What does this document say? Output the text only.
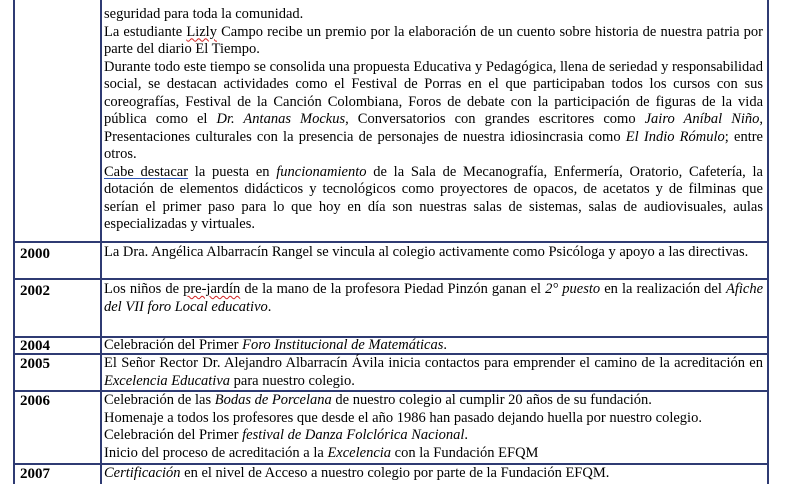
seguridad para toda la comunidad.

La estudiante Lizly Campo recibe un premio por la elaboración de un cuento sobre historia de nuestra patria por parte del diario El Tiempo.

Durante todo este tiempo se consolida una propuesta Educativa y Pedagógica, llena de seriedad y responsabilidad social, se destacan actividades como el Festival de Porras en el que participaban todos los cursos con sus coreografías, Festival de la Canción Colombiana, Foros de debate con la participación de figuras de la vida pública como el Dr. Antanas Mockus, Conversatorios con grandes escritores como Jairo Aníbal Niño, Presentaciones culturales con la presencia de personajes de nuestra idiosincrasia como El Indio Rómulo; entre otros.

Cabe destacar la puesta en funcionamiento de la Sala de Mecanografía, Enfermería, Oratorio, Cafetería, la dotación de elementos didácticos y tecnológicos como proyectores de opacos, de acetatos y de filminas que serían el primer paso para lo que hoy en día son nuestras salas de sistemas, salas de audiovisuales, aulas especializadas y virtuales.

2000	La Dra. Angélica Albarracín Rangel se vincula al colegio activamente como Psicóloga y apoyo a las directivas.

2002	Los niños de pre-jardín de la mano de la profesora Piedad Pinzón ganan el 2° puesto en la realización del Afiche del VII foro Local educativo.

2004	Celebración del Primer Foro Institucional de Matemáticas.

2005	El Señor Rector Dr. Alejandro Albarracín Ávila inicia contactos para emprender el camino de la acreditación en Excelencia Educativa para nuestro colegio.

2006	Celebración de las Bodas de Porcelana de nuestro colegio al cumplir 20 años de su fundación.

Homenaje a todos los profesores que desde el año 1986 han pasado dejando huella por nuestro colegio.

Celebración del Primer festival de Danza Folclórica Nacional.

Inicio del proceso de acreditación a la Excelencia con la Fundación EFQM

2007	Certificación en el nivel de Acceso a nuestro colegio por parte de la Fundación EFQM.
